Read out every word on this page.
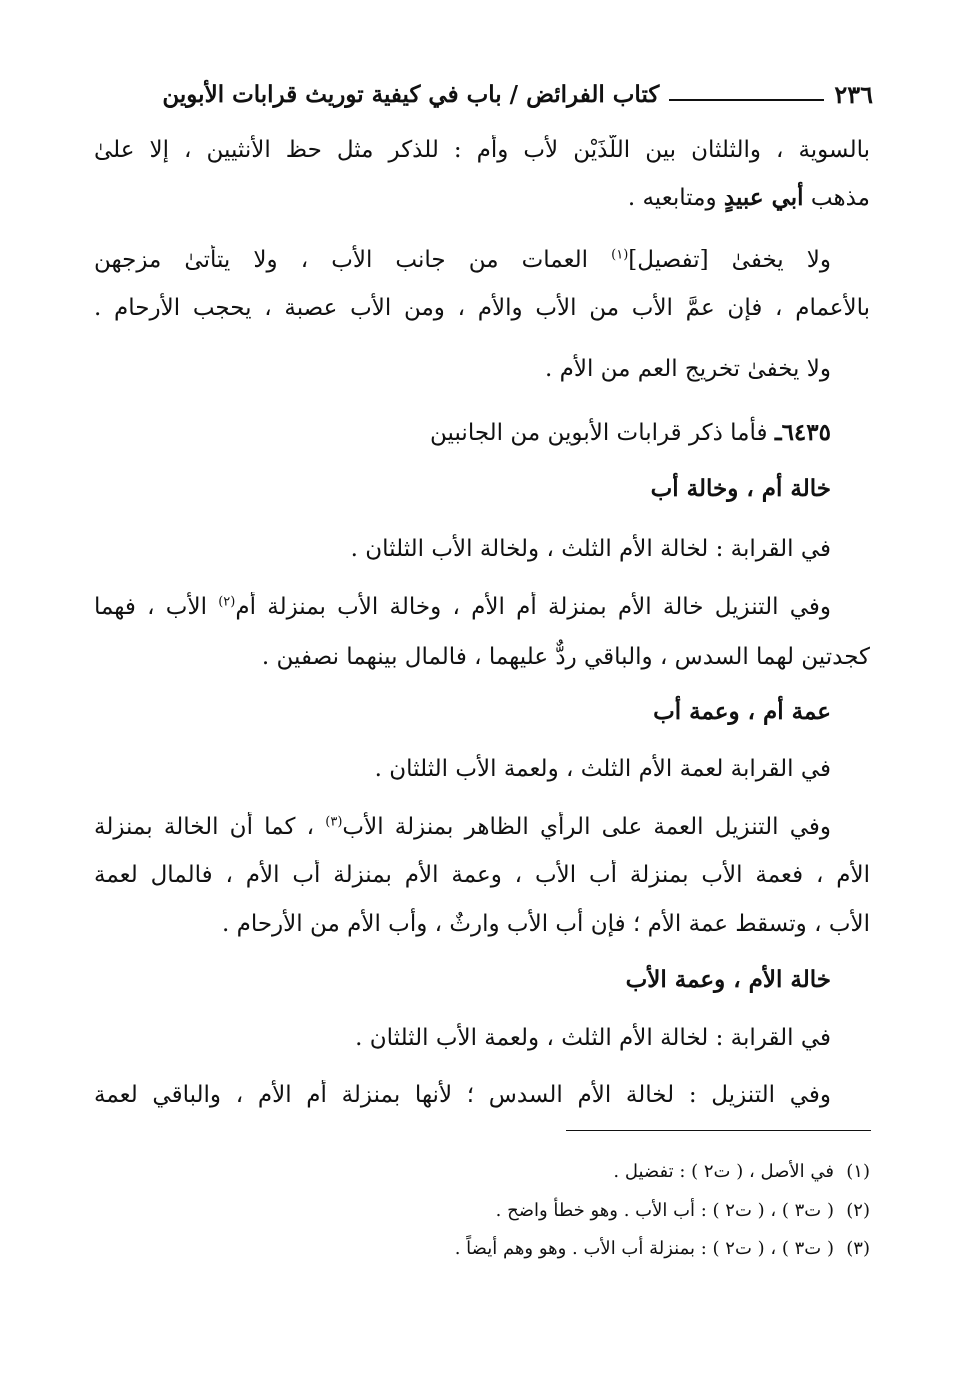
٢٣٦
كتاب الفرائض / باب في كيفية توريث قرابات الأبوين
بالسوية ، والثلثان بين اللَّذَيْن لأب وأم : للذكر مثل حظ الأنثيين ، إلا علىٰ
مذهب أبي عبيدٍ ومتابعيه .
ولا يخفىٰ [تفصيل]$^{(١)}$ العمات من جانب الأب ، ولا يتأتىٰ مزجهن
بالأعمام ، فإن عمَّ الأب من الأب والأم ، ومن الأب عصبة ، يحجب الأرحام .
ولا يخفىٰ تخريج العم من الأم .
٦٤٣٥ـ فأما ذكر قرابات الأبوين من الجانبين
خالة أم ، وخالة أب
في القرابة : لخالة الأم الثلث ، ولخالة الأب الثلثان .
وفي التنزيل خالة الأم بمنزلة أم الأم ، وخالة الأب بمنزلة أم$^{(٢)}$ الأب ، فهما
كجدتين لهما السدس ، والباقي ردٌّ عليهما ، فالمال بينهما نصفين .
عمة أم ، وعمة أب
في القرابة لعمة الأم الثلث ، ولعمة الأب الثلثان .
وفي التنزيل العمة على الرأي الظاهر بمنزلة الأب$^{(٣)}$ ، كما أن الخالة بمنزلة
الأم ، فعمة الأب بمنزلة أب الأب ، وعمة الأم بمنزلة أب الأم ، فالمال لعمة
الأب ، وتسقط عمة الأم ؛ فإن أب الأب وارثٌ ، وأب الأم من الأرحام .
خالة الأم ، وعمة الأب
في القرابة : لخالة الأم الثلث ، ولعمة الأب الثلثان .
وفي التنزيل : لخالة الأم السدس ؛ لأنها بمنزلة أم الأم ، والباقي لعمة
(١)في الأصل ، ( ت٢ ) : تفضيل .
(٢)( ت٣ ) ، ( ت٢ ) : أب الأب . وهو خطأ واضح .
(٣)( ت٣ ) ، ( ت٢ ) : بمنزلة أب الأب . وهو وهم أيضاً .
